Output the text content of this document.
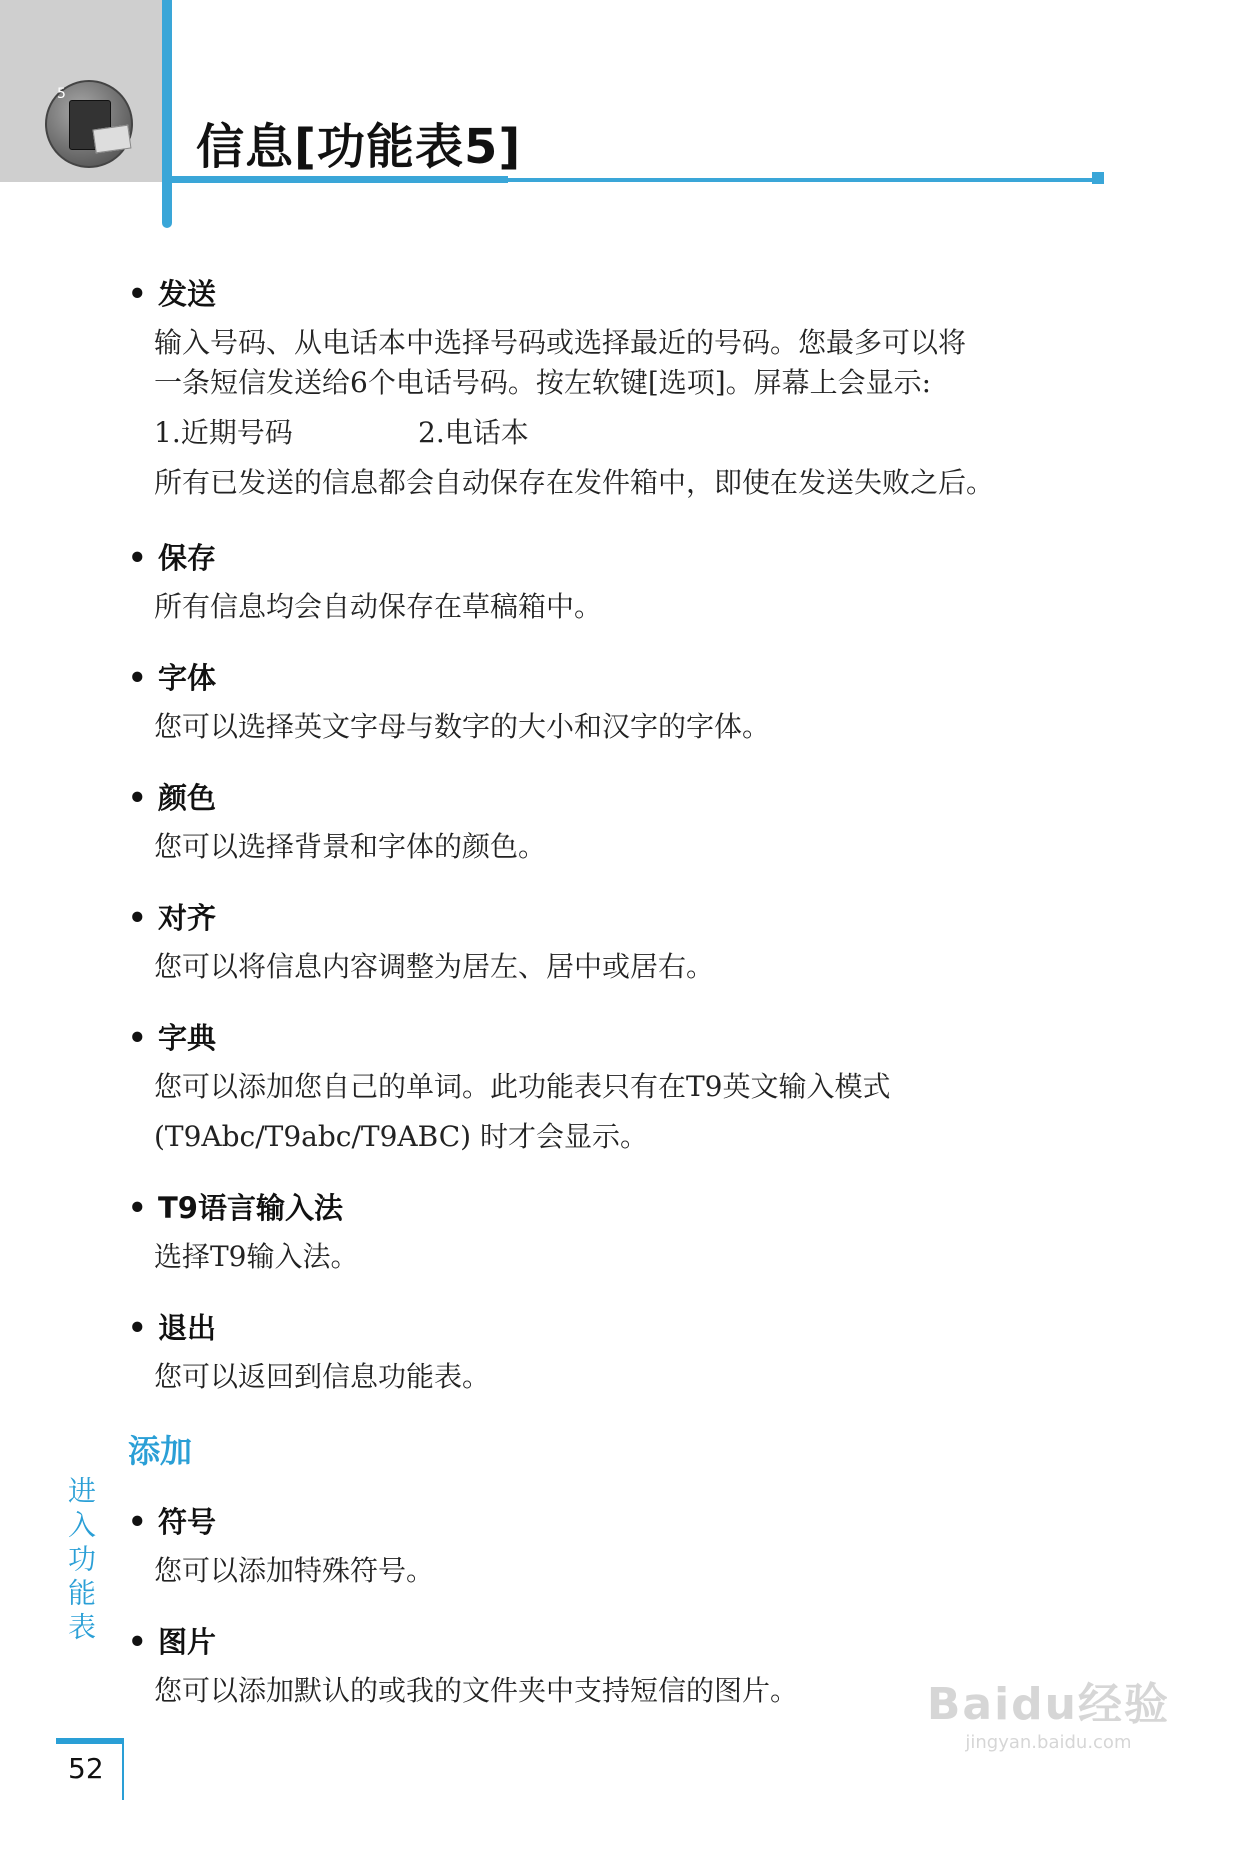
5
信息[功能表5]

• 发送

输入号码、从电话本中选择号码或选择最近的号码。您最多可以将
一条短信发送给6个电话号码。按左软键[选项]。屏幕上会显示:
1.近期号码	2.电话本
所有已发送的信息都会自动保存在发件箱中，即使在发送失败之后。

• 保存

所有信息均会自动保存在草稿箱中。

• 字体

您可以选择英文字母与数字的大小和汉字的字体。

• 颜色

您可以选择背景和字体的颜色。

• 对齐

您可以将信息内容调整为居左、居中或居右。

• 字典

您可以添加您自己的单词。此功能表只有在T9英文输入模式
(T9Abc/T9abc/T9ABC) 时才会显示。

• T9语言输入法

选择T9输入法。

• 退出

您可以返回到信息功能表。
添加

• 符号

您可以添加特殊符号。

• 图片

您可以添加默认的或我的文件夹中支持短信的图片。
进入功能表
52
Baidu经验
jingyan.baidu.com
